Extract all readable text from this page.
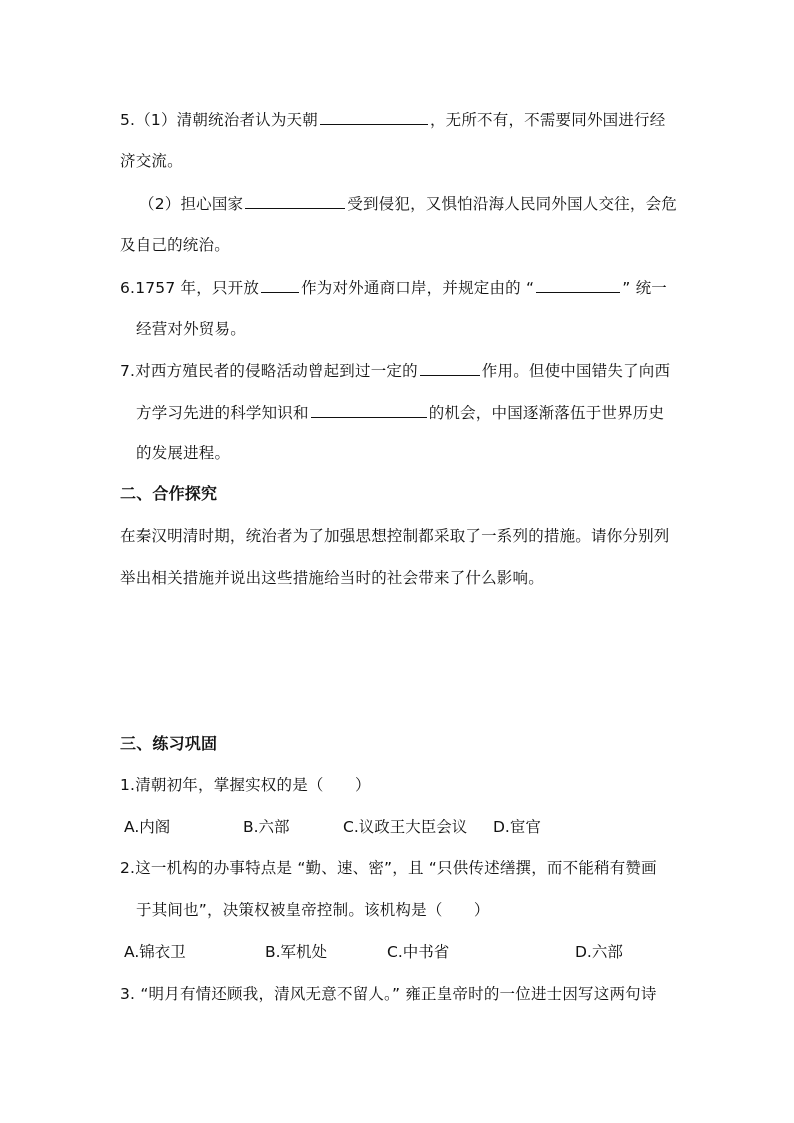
5.（1）清朝统治者认为天朝	，无所不有，不需要同外国进行经
济交流。
（2）担心国家	受到侵犯，又惧怕沿海人民同外国人交往，会危
及自己的统治。
6.1757 年，只开放	作为对外通商口岸，并规定由的 “	” 统一
经营对外贸易。
7.对西方殖民者的侵略活动曾起到过一定的	作用。但使中国错失了向西
方学习先进的科学知识和	的机会，中国逐渐落伍于世界历史
的发展进程。
二、合作探究
在秦汉明清时期，统治者为了加强思想控制都采取了一系列的措施。请你分别列
举出相关措施并说出这些措施给当时的社会带来了什么影响。
三、练习巩固
1.清朝初年，掌握实权的是（　　）
A.内阁	B.六部	C.议政王大臣会议 D.宦官
2.这一机构的办事特点是 “勤、速、密”，且 “只供传述缮撰，而不能稍有赞画
于其间也”，决策权被皇帝控制。该机构是（　　）
A.锦衣卫	B.军机处	C.中书省	D.六部
3. “明月有情还顾我，清风无意不留人。” 雍正皇帝时的一位进士因写这两句诗
